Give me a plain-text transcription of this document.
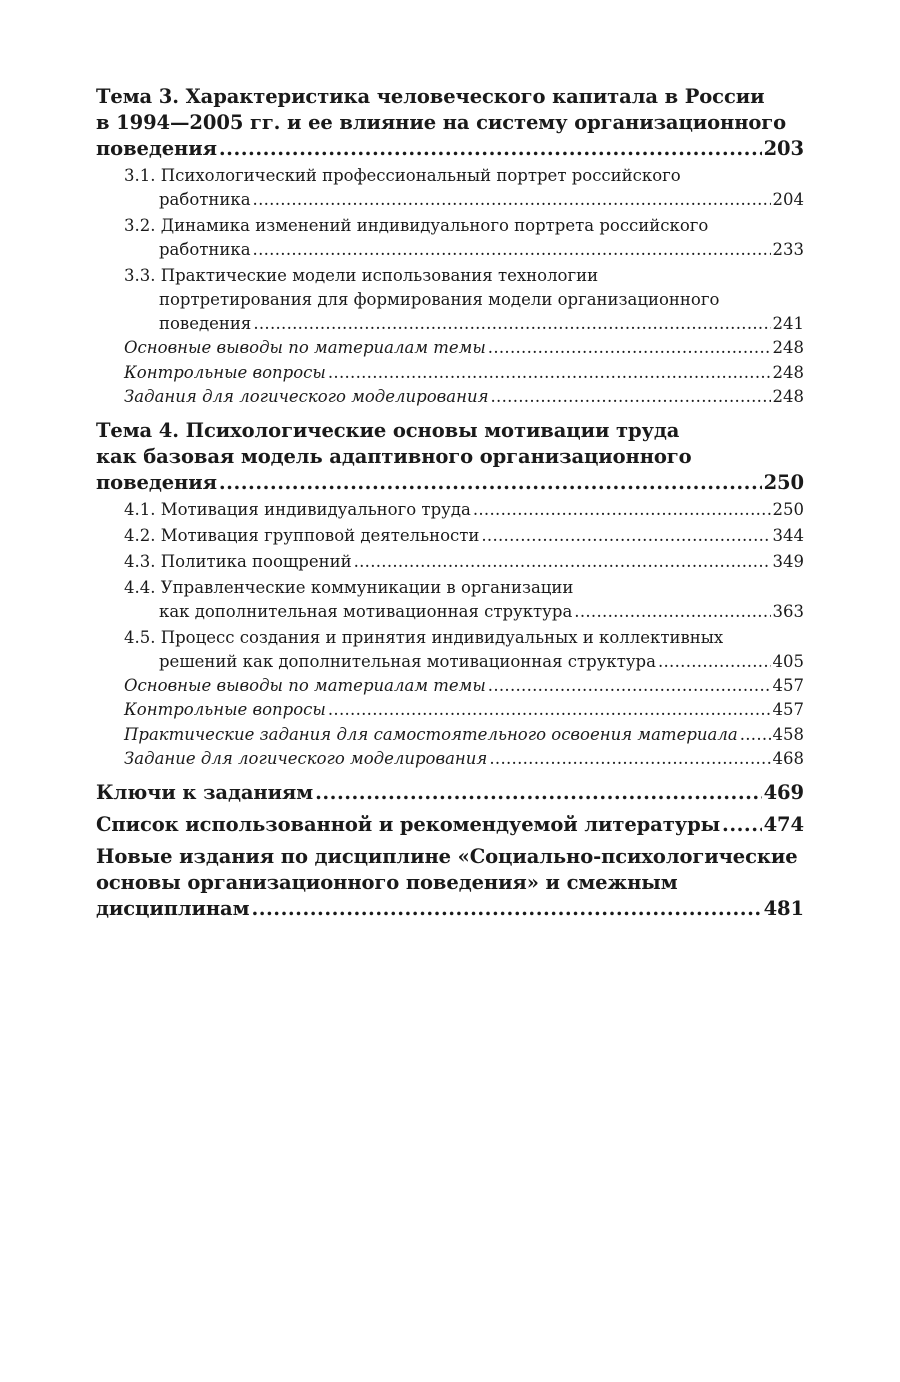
Тема 3. Характеристика человеческого капитала в России
в 1994—2005 гг. и ее влияние на систему организационного
поведения .....	203
3.1. Психологический профессиональный портрет российского
работника .....	204
3.2. Динамика изменений индивидуального портрета российского
работника .....	233
3.3. Практические модели использования технологии
портретирования для формирования модели организационного
поведения .....	241
Основные выводы по материалам темы .....	248
Контрольные вопросы .....	248
Задания для логического моделирования .....	248
Тема 4. Психологические основы мотивации труда
как базовая модель адаптивного организационного
поведения .....	250
4.1. Мотивация индивидуального труда .....	250
4.2. Мотивация групповой деятельности .....	344
4.3. Политика поощрений .....	349
4.4. Управленческие коммуникации в организации
как дополнительная мотивационная структура .....	363
4.5. Процесс создания и принятия индивидуальных и коллективных
решений как дополнительная мотивационная структура .....	405
Основные выводы по материалам темы .....	457
Контрольные вопросы .....	457
Практические задания для самостоятельного освоения материала ..... 458
Задание для логического моделирования .....	468
Ключи к заданиям .....	469
Список использованной и рекомендуемой литературы ..... 474
Новые издания по дисциплине «Социально-психологические
основы организационного поведения» и смежным
дисциплинам .....	481
